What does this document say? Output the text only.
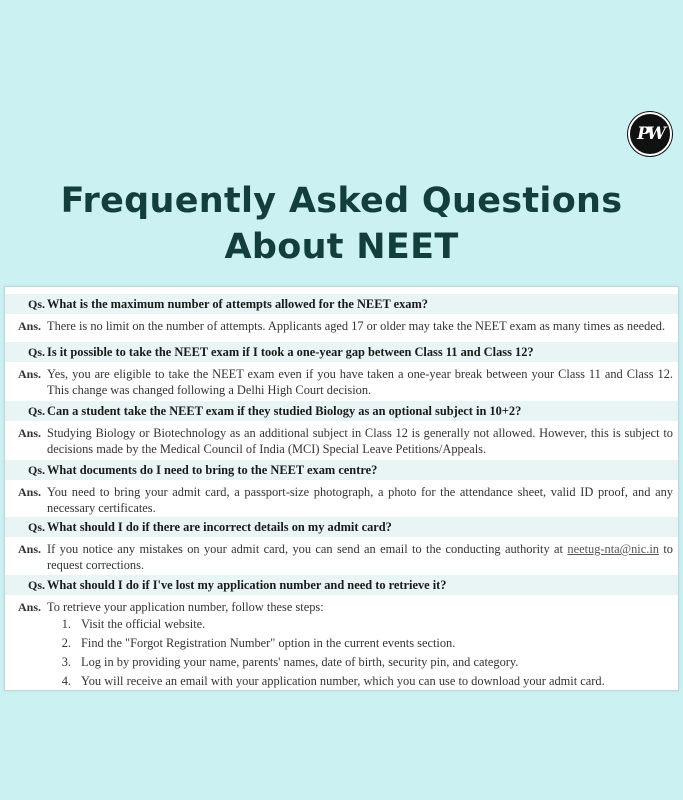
PW
Frequently Asked Questions
About NEET
Qs. What is the maximum number of attempts allowed for the NEET exam?
Ans. There is no limit on the number of attempts. Applicants aged 17 or older may take the NEET exam as many times as needed.
Qs. Is it possible to take the NEET exam if I took a one-year gap between Class 11 and Class 12?
Ans. Yes, you are eligible to take the NEET exam even if you have taken a one-year break between your Class 11 and Class 12. This change was changed following a Delhi High Court decision.
Qs. Can a student take the NEET exam if they studied Biology as an optional subject in 10+2?
Ans. Studying Biology or Biotechnology as an additional subject in Class 12 is generally not allowed. However, this is subject to decisions made by the Medical Council of India (MCI) Special Leave Petitions/Appeals.
Qs. What documents do I need to bring to the NEET exam centre?
Ans. You need to bring your admit card, a passport-size photograph, a photo for the attendance sheet, valid ID proof, and any necessary certificates.
Qs. What should I do if there are incorrect details on my admit card?
Ans. If you notice any mistakes on your admit card, you can send an email to the conducting authority at neetug-nta@nic.in to request corrections.
Qs. What should I do if I've lost my application number and need to retrieve it?
Ans. To retrieve your application number, follow these steps:
1. Visit the official website.
2. Find the "Forgot Registration Number" option in the current events section.
3. Log in by providing your name, parents' names, date of birth, security pin, and category.
4. You will receive an email with your application number, which you can use to download your admit card.
